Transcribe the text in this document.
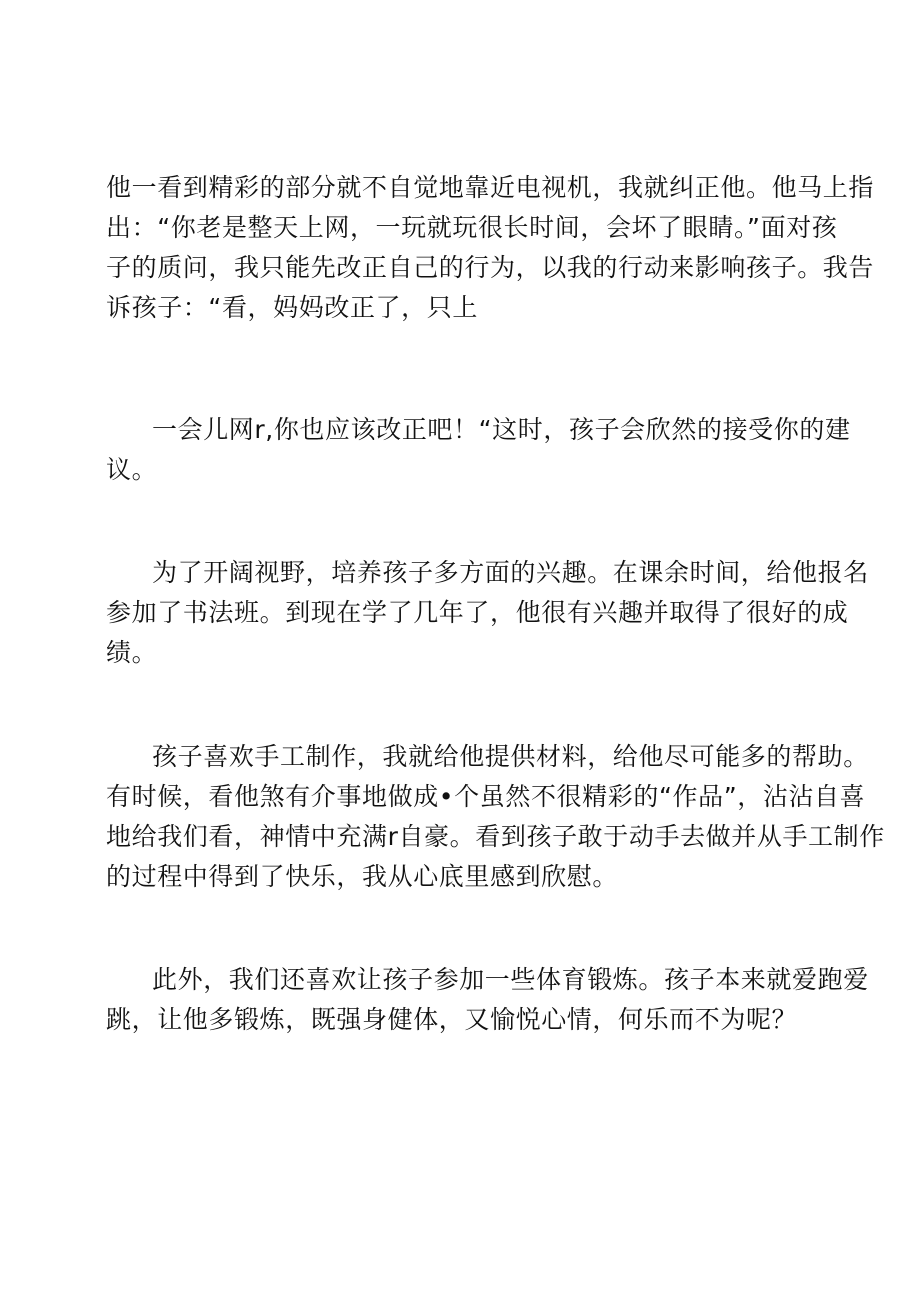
他一看到精彩的部分就不自觉地靠近电视机，我就纠正他。他马上指
出：“你老是整天上网，一玩就玩很长时间，会坏了眼睛。”面对孩
子的质问，我只能先改正自己的行为，以我的行动来影响孩子。我告
诉孩子：“看，妈妈改正了，只上
一会儿网r,你也应该改正吧！“这时，孩子会欣然的接受你的建
议。
为了开阔视野，培养孩子多方面的兴趣。在课余时间，给他报名
参加了书法班。到现在学了几年了，他很有兴趣并取得了很好的成
绩。
孩子喜欢手工制作，我就给他提供材料，给他尽可能多的帮助。
有时候，看他煞有介事地做成•个虽然不很精彩的“作品”，沾沾自喜
地给我们看，神情中充满r自豪。看到孩子敢于动手去做并从手工制作
的过程中得到了快乐，我从心底里感到欣慰。
此外，我们还喜欢让孩子参加一些体育锻炼。孩子本来就爱跑爱
跳，让他多锻炼，既强身健体，又愉悦心情，何乐而不为呢？
